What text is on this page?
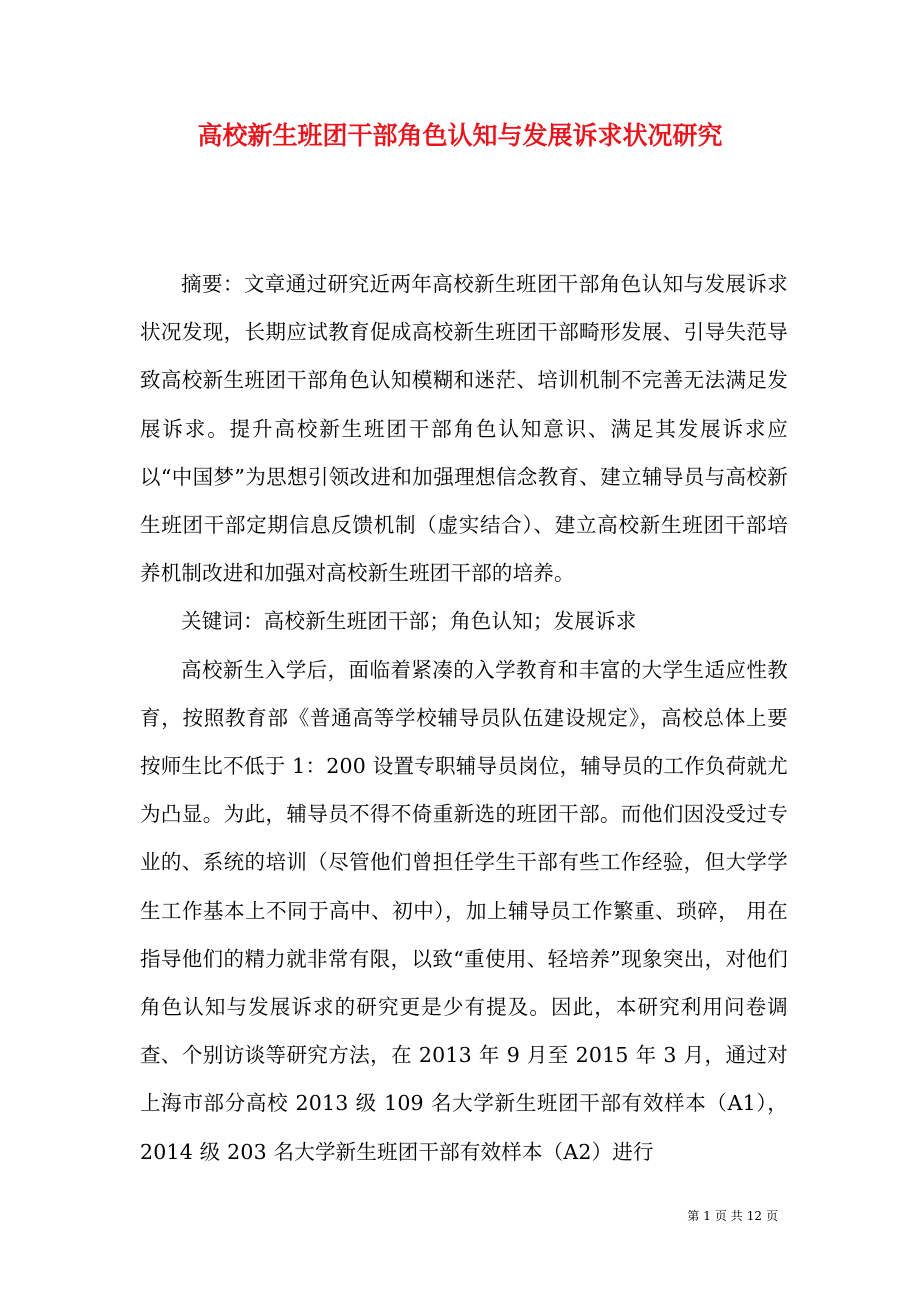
高校新生班团干部角色认知与发展诉求状况研究

摘要：文章通过研究近两年高校新生班团干部角色认知与发展诉求状况发现，长期应试教育促成高校新生班团干部畸形发展、引导失范导致高校新生班团干部角色认知模糊和迷茫、培训机制不完善无法满足发展诉求。提升高校新生班团干部角色认知意识、满足其发展诉求应以“中国梦”为思想引领改进和加强理想信念教育、建立辅导员与高校新生班团干部定期信息反馈机制（虚实结合）、建立高校新生班团干部培养机制改进和加强对高校新生班团干部的培养。

关键词：高校新生班团干部；角色认知；发展诉求

高校新生入学后，面临着紧凑的入学教育和丰富的大学生适应性教育，按照教育部《普通高等学校辅导员队伍建设规定》，高校总体上要按师生比不低于 1：200 设置专职辅导员岗位，辅导员的工作负荷就尤为凸显。为此，辅导员不得不倚重新选的班团干部。而他们因没受过专业的、系统的培训（尽管他们曾担任学生干部有些工作经验，但大学学生工作基本上不同于高中、初中），加上辅导员工作繁重、琐碎， 用在指导他们的精力就非常有限，以致“重使用、轻培养”现象突出，对他们角色认知与发展诉求的研究更是少有提及。因此，本研究利用问卷调查、个别访谈等研究方法，在 2013 年 9 月至 2015 年 3 月，通过对上海市部分高校 2013 级 109 名大学新生班团干部有效样本（A1），2014 级 203 名大学新生班团干部有效样本（A2）进行

第 1 页 共 12 页
